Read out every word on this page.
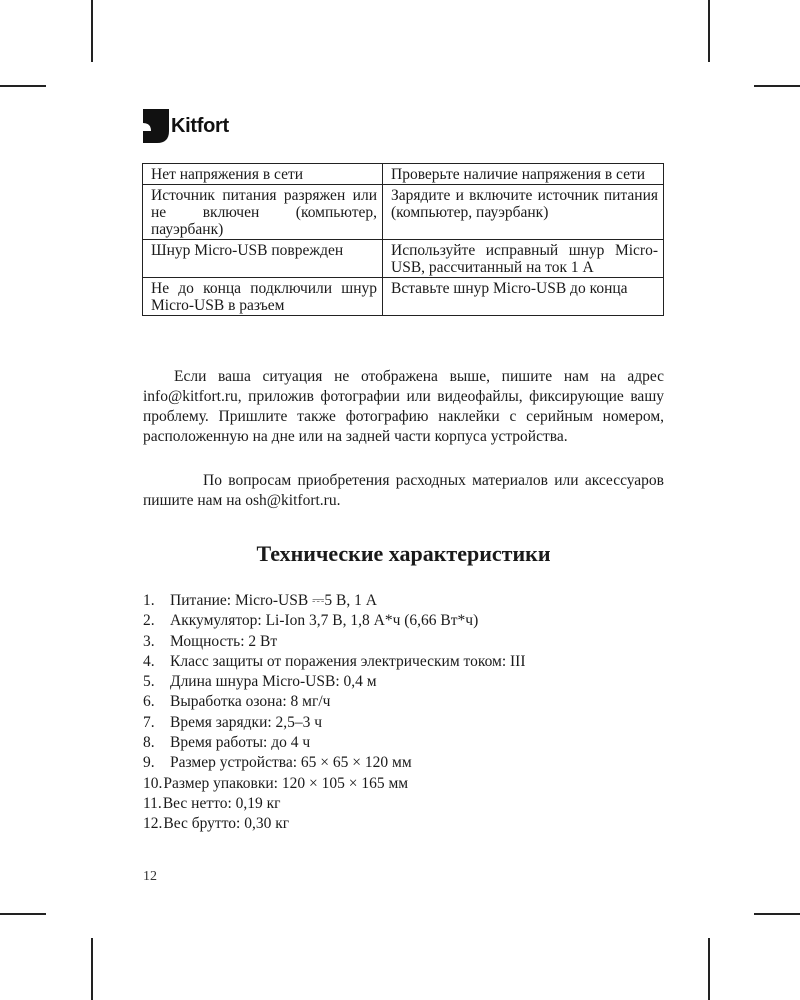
Kitfort
Нет напряжения в сети	Проверьте наличие напряжения в сети
Источник питания разряжен или не включен (компьютер, пауэрбанк)	Зарядите и включите источник питания (компьютер, пауэрбанк)
Шнур Micro-USB поврежден	Используйте исправный шнур Micro-USB, рассчитанный на ток 1 А
Не до конца подключили шнур Micro-USB в разъем	Вставьте шнур Micro-USB до конца

Если ваша ситуация не отображена выше, пишите нам на адрес info@kitfort.ru, приложив фотографии или видеофайлы, фиксирующие вашу проблему. Пришлите также фотографию наклейки с серийным номером, расположенную на дне или на задней части корпуса устройства.

По вопросам приобретения расходных материалов или аксессуаров пишите нам на osh@kitfort.ru.

Технические характеристики
1. Питание: Micro-USB ⎓5 В, 1 А
2. Аккумулятор: Li-Ion 3,7 В, 1,8 А*ч (6,66 Вт*ч)
3. Мощность: 2 Вт
4. Класс защиты от поражения электрическим током: III
5. Длина шнура Micro-USB: 0,4 м
6. Выработка озона: 8 мг/ч
7. Время зарядки: 2,5–3 ч
8. Время работы: до 4 ч
9. Размер устройства: 65 × 65 × 120 мм
10. Размер упаковки: 120 × 105 × 165 мм
11. Вес нетто: 0,19 кг
12. Вес брутто: 0,30 кг
12
